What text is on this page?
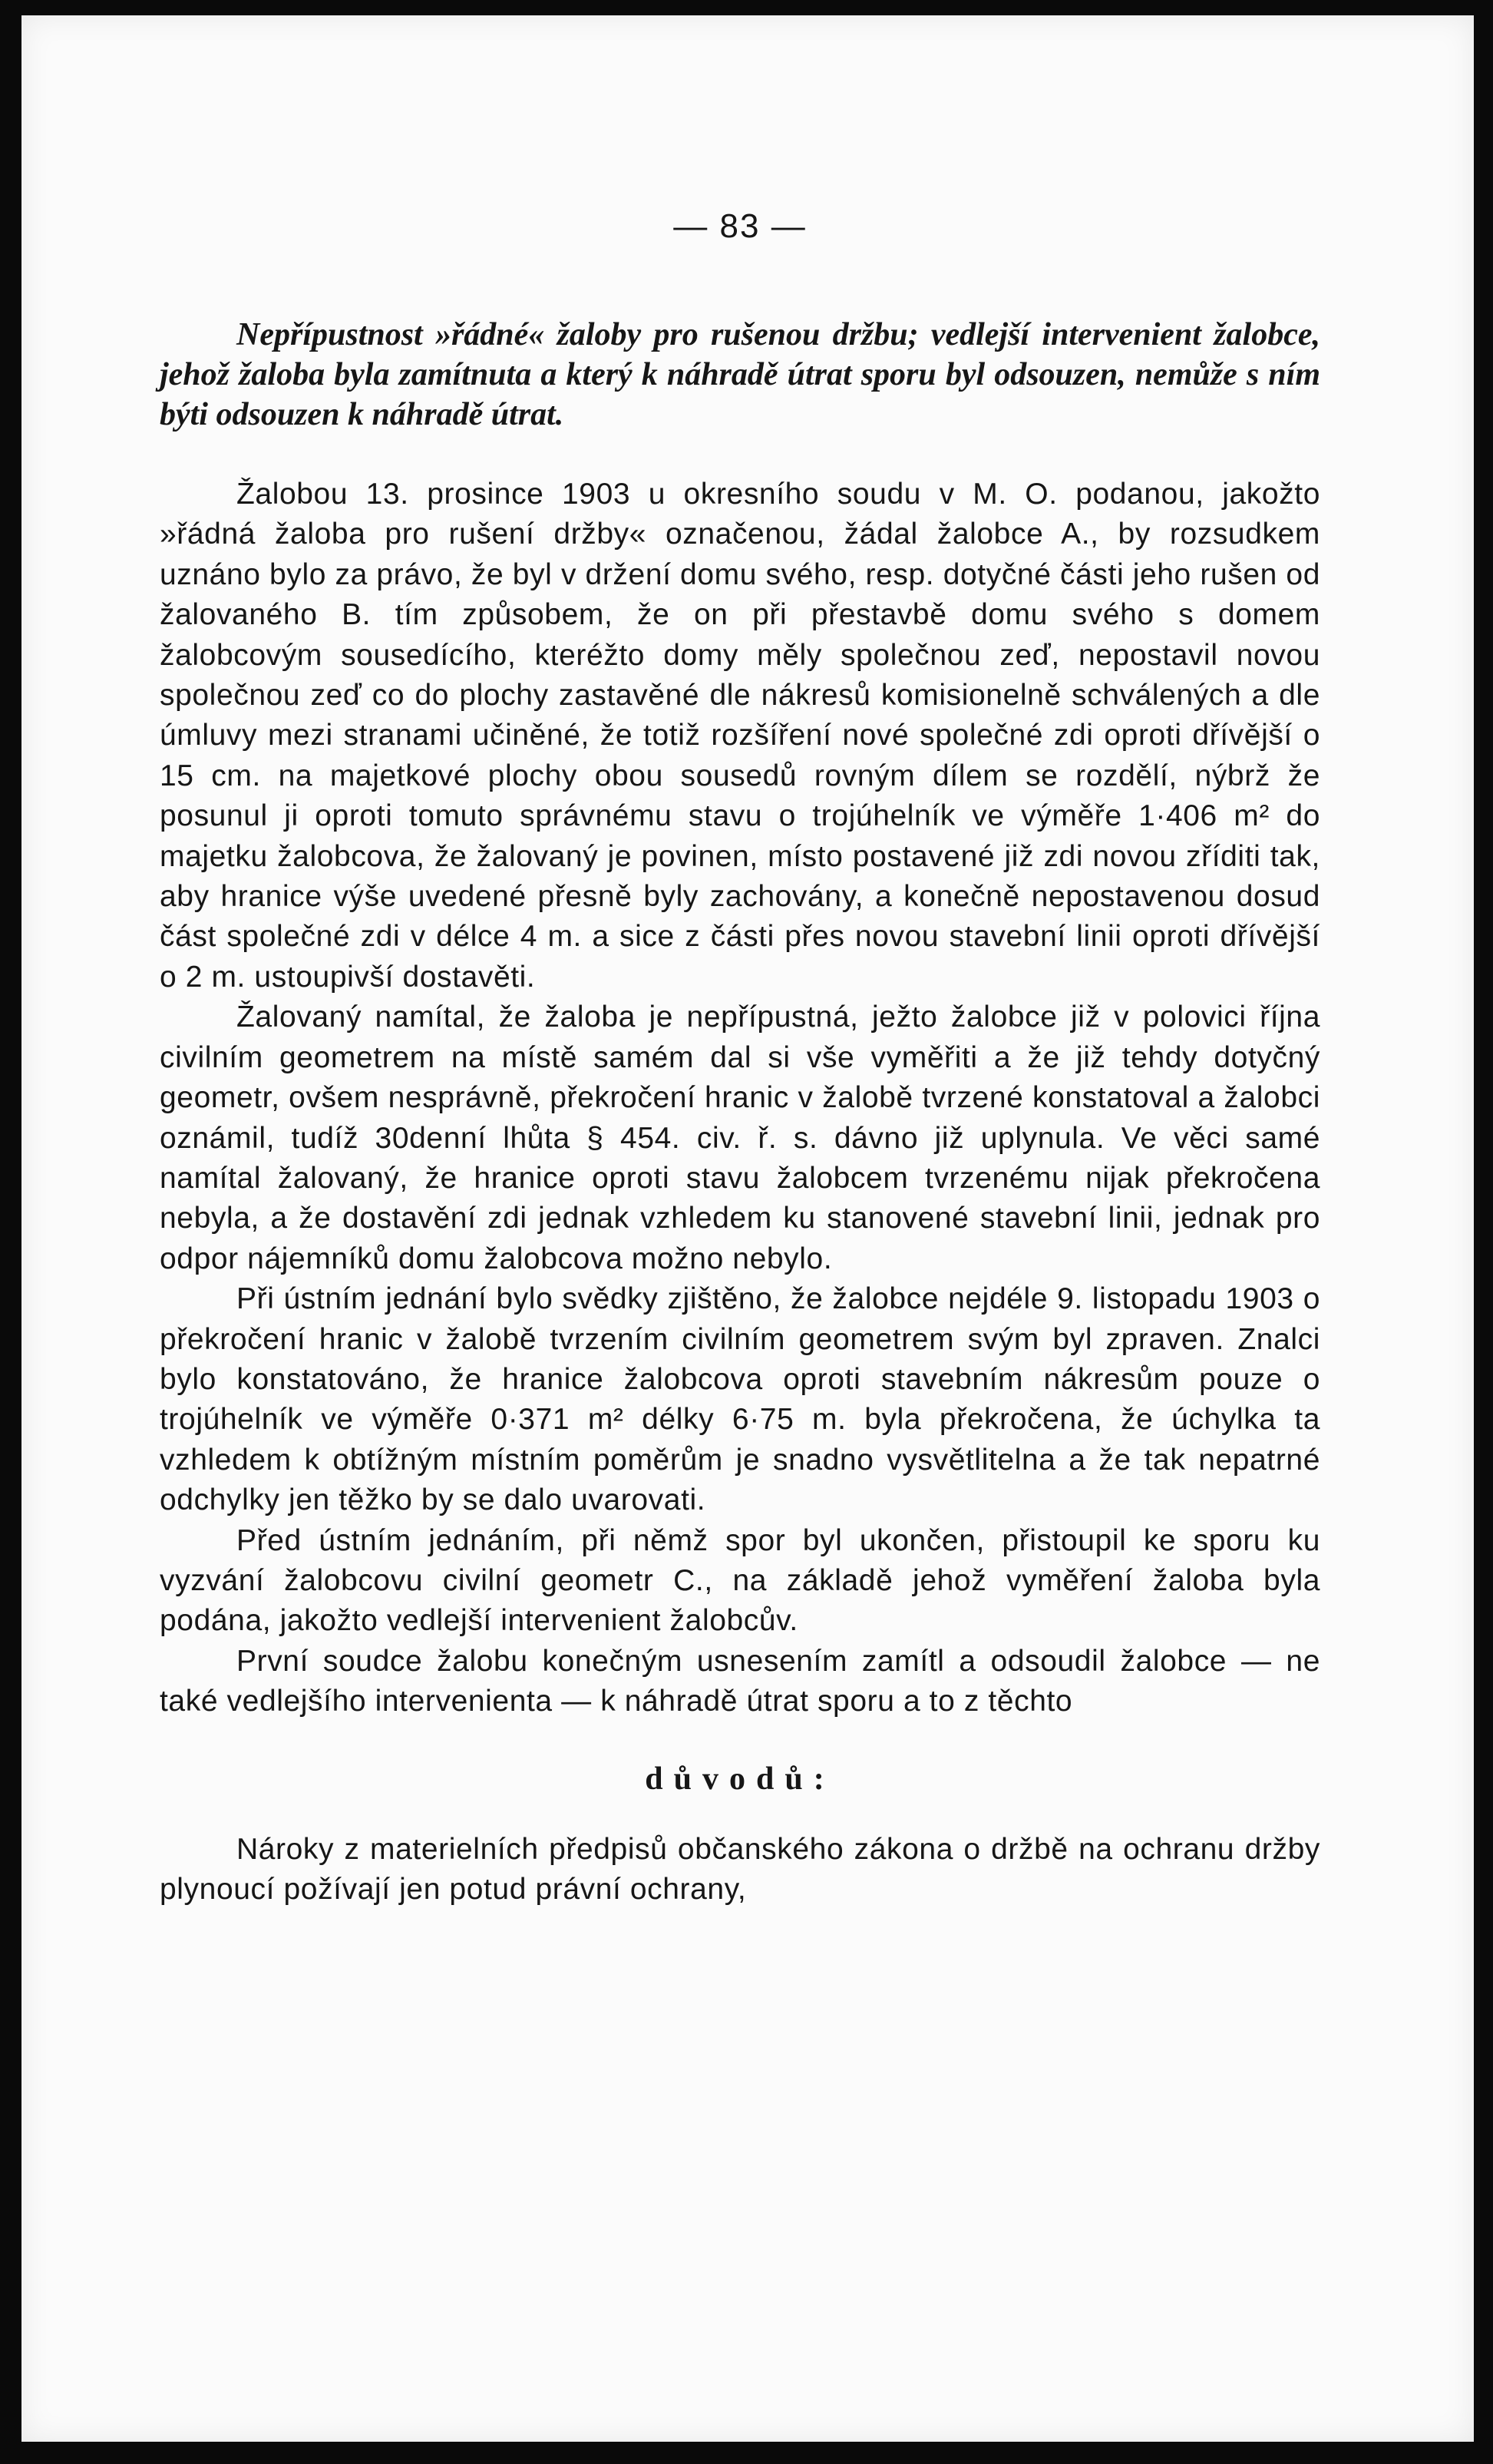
— 83 —

Nepřípustnost »řádné« žaloby pro rušenou držbu; vedlejší intervenient žalobce, jehož žaloba byla zamítnuta a který k náhradě útrat sporu byl odsouzen, nemůže s ním býti odsouzen k náhradě útrat.

Žalobou 13. prosince 1903 u okresního soudu v M. O. podanou, jakožto »řádná žaloba pro rušení držby« označenou, žádal žalobce A., by rozsudkem uznáno bylo za právo, že byl v držení domu svého, resp. dotyčné části jeho rušen od žalovaného B. tím způsobem, že on při přestavbě domu svého s domem žalobcovým sousedícího, kteréžto domy měly společnou zeď, nepostavil novou společnou zeď co do plochy zastavěné dle nákresů komisionelně schválených a dle úmluvy mezi stranami učiněné, že totiž rozšíření nové společné zdi oproti dřívější o 15 cm. na majetkové plochy obou sousedů rovným dílem se rozdělí, nýbrž že posunul ji oproti tomuto správnému stavu o trojúhelník ve výměře 1·406 m² do majetku žalobcova, že žalovaný je povinen, místo postavené již zdi novou zříditi tak, aby hranice výše uvedené přesně byly zachovány, a konečně nepostavenou dosud část společné zdi v délce 4 m. a sice z části přes novou stavební linii oproti dřívější o 2 m. ustoupivší dostavěti.

Žalovaný namítal, že žaloba je nepřípustná, ježto žalobce již v polovici října civilním geometrem na místě samém dal si vše vyměřiti a že již tehdy dotyčný geometr, ovšem nesprávně, překročení hranic v žalobě tvrzené konstatoval a žalobci oznámil, tudíž 30denní lhůta § 454. civ. ř. s. dávno již uplynula. Ve věci samé namítal žalovaný, že hranice oproti stavu žalobcem tvrzenému nijak překročena nebyla, a že dostavění zdi jednak vzhledem ku stanovené stavební linii, jednak pro odpor nájemníků domu žalobcova možno nebylo.

Při ústním jednání bylo svědky zjištěno, že žalobce nejdéle 9. listopadu 1903 o překročení hranic v žalobě tvrzením civilním geometrem svým byl zpraven. Znalci bylo konstatováno, že hranice žalobcova oproti stavebním nákresům pouze o trojúhelník ve výměře 0·371 m² délky 6·75 m. byla překročena, že úchylka ta vzhledem k obtížným místním poměrům je snadno vysvětlitelna a že tak nepatrné odchylky jen těžko by se dalo uvarovati.

Před ústním jednáním, při němž spor byl ukončen, přistoupil ke sporu ku vyzvání žalobcovu civilní geometr C., na základě jehož vyměření žaloba byla podána, jakožto vedlejší intervenient žalobcův.

První soudce žalobu konečným usnesením zamítl a odsoudil žalobce — ne také vedlejšího intervenienta — k náhradě útrat sporu a to z těchto

důvodů:

Nároky z materielních předpisů občanského zákona o držbě na ochranu držby plynoucí požívají jen potud právní ochrany,
